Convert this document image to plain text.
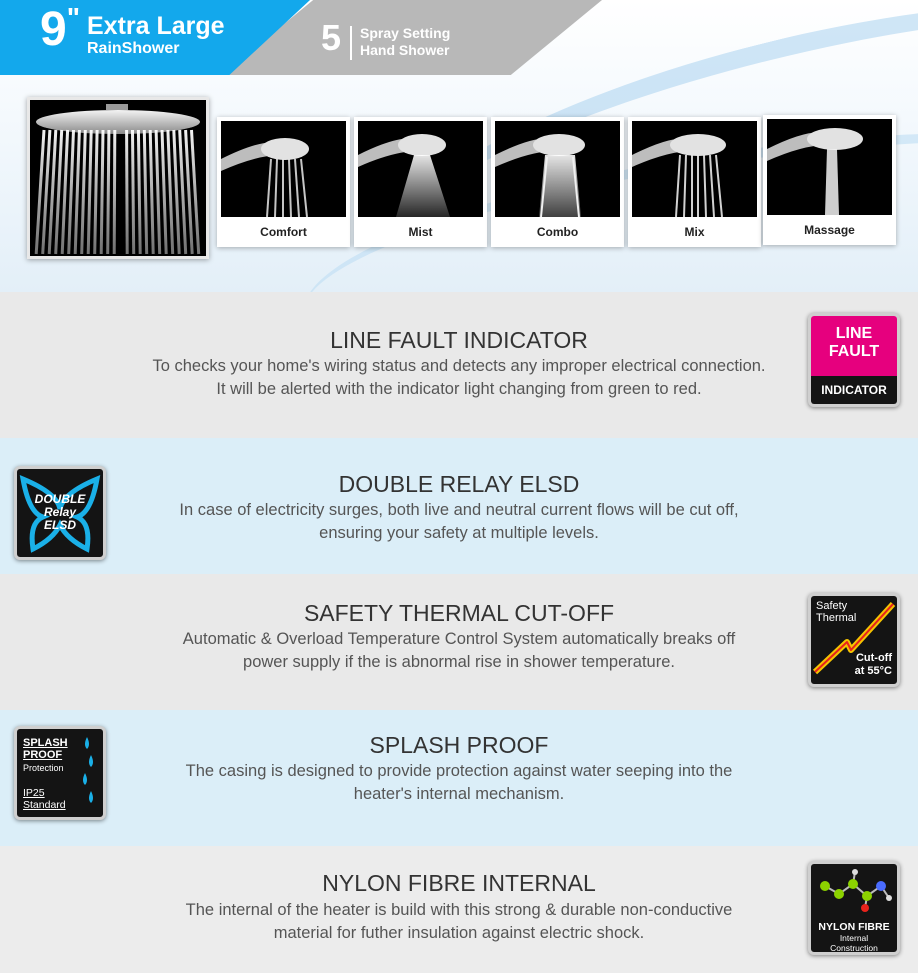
9" Extra Large
RainShower	5 Spray Setting
Hand Shower
Comfort	Mist	Combo	Mix	Massage
LINE FAULT INDICATOR
To checks your home's wiring status and detects any improper electrical connection.
It will be alerted with the indicator light changing from green to red.
LINE
FAULT
INDICATOR
DOUBLE RELAY ELSD
In case of electricity surges, both live and neutral current flows will be cut off,
ensuring your safety at multiple levels.
DOUBLE
Relay
ELSD
SAFETY THERMAL CUT-OFF
Automatic & Overload Temperature Control System automatically breaks off
power supply if the is abnormal rise in shower temperature.
Safety
Thermal
Cut-off
at 55°C
SPLASH PROOF
The casing is designed to provide protection against water seeping into the
heater's internal mechanism.
SPLASH
PROOF
Protection
IP25
Standard
NYLON FIBRE INTERNAL
The internal of the heater is build with this strong & durable non-conductive
material for futher insulation against electric shock.	NYLON FIBRE
Internal
Construction
